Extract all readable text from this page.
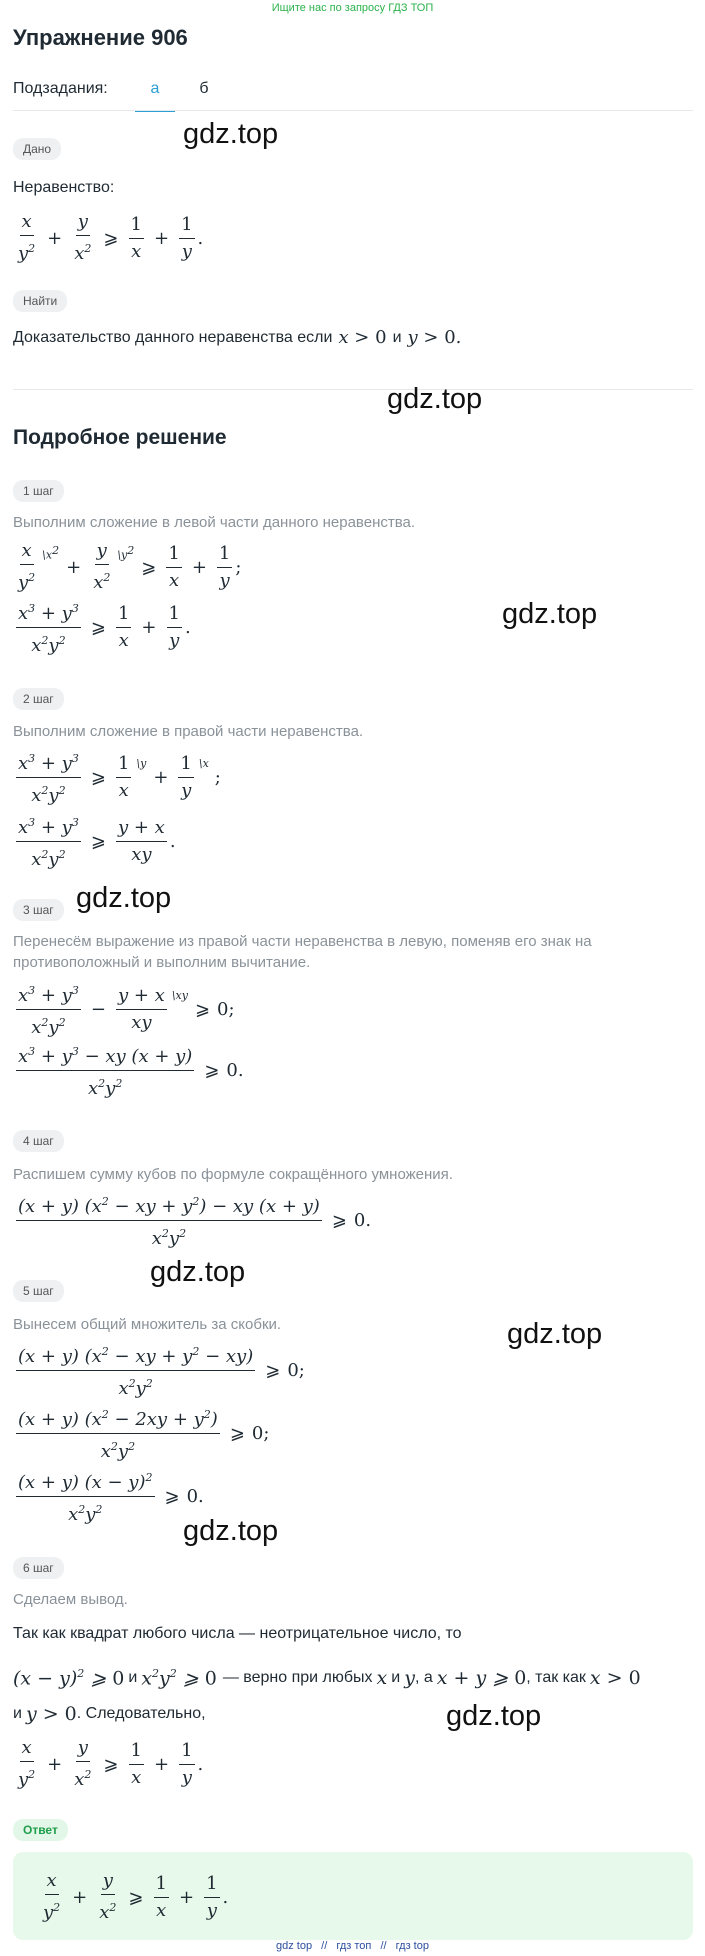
Ищите нас по запросу ГДЗ ТОП
Упражнение 906
Подзадания:	а	б
Дано	gdz.top
Неравенство:
$\frac{x}{y^2} + \frac{y}{x^2}$ ⩾ $\frac{1}{x} + \frac{1}{y}$ .
Найти
Доказательство данного неравенства если x > 0 и y > 0.
gdz.top
Подробное решение
1 шаг
Выполним сложение в левой части данного неравенства.
$\frac{x}{y^2}$ $\backslash x^2$
+ $\frac{y}{x^2}$ $\backslash y^2$
⩾ $\frac{1}{x} + \frac{1}{y}$ ;
$\frac{x^3 + y^3}{x^2y^2}$ ⩾ $\frac{1}{x} + \frac{1}{y}$ .	gdz.top
2 шаг
Выполним сложение в правой части неравенства.
$\frac{x^3 + y^3}{x^2y^2}$ ⩾ $\frac{1}{x}$ \y
+ $\frac{1}{y}$ \x
;
$\frac{x^3 + y^3}{x^2y^2}$ ⩾ $\frac{y + x}{xy}$ .
3 шаг gdz.top
Перенесём выражение из правой части неравенства в левую, поменяв его знак на противоположный и выполним вычитание.
$\frac{x^3 + y^3}{x^2y^2} - \frac{y + x}{xy}$ \xy
⩾ 0;
$\frac{x^3 + y^3 - xy (x + y)}{x^2y^2}$ ⩾ 0.
4 шаг
Распишем сумму кубов по формуле сокращённого умножения.
$\frac{(x + y) (x^2 - xy + y^2) - xy (x + y)}{x^2y^2}$ ⩾ 0.
5 шаг
gdz.top
gdz.top
Вынесем общий множитель за скобки.
$\frac{(x + y) (x^2 - xy + y^2 - xy)}{x^2y^2}$ ⩾ 0;
$\frac{(x + y) (x^2 - 2xy + y^2)}{x^2y^2}$ ⩾ 0;
$\frac{(x + y) (x - y)^2}{x^2y^2}$ ⩾ 0.
gdz.top
6 шаг
Сделаем вывод.
Так как квадрат любого числа — неотрицательное число, то
$(x - y)^2$ ⩾ 0 и $x^2y^2$ ⩾ 0 — верно при любых x и y , а x + y ⩾ 0 , так как x > 0
и y > 0 . Следовательно,	gdz.top
$\frac{x}{y^2} + \frac{y}{x^2}$ ⩾ $\frac{1}{x} + \frac{1}{y}$ .
Ответ
$\frac{x}{y^2} + \frac{y}{x^2}$ ⩾ $\frac{1}{x} + \frac{1}{y}$ .
gdz top // гдз топ // гдз top
